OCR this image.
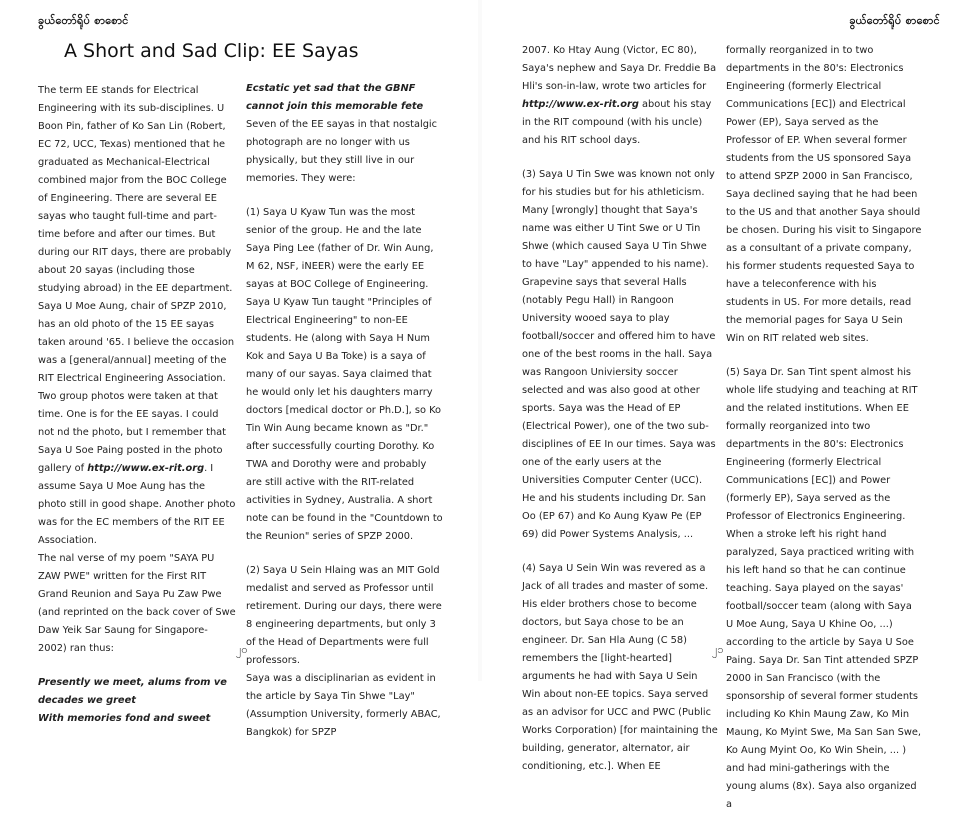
ခွယ်တော်ရိုပ် စာစောင်
A Short and Sad Clip: EE Sayas
The term EE stands for Electrical Engineering with its sub-disciplines. U Boon Pin, father of Ko San Lin (Robert, EC 72, UCC, Texas) mentioned that he graduated as Mechanical-Electrical combined major from the BOC College of Engineering. There are several EE sayas who taught full-time and part-time before and after our times. But during our RIT days, there are probably about 20 sayas (including those studying abroad) in the EE department.
Saya U Moe Aung, chair of SPZP 2010, has an old photo of the 15 EE sayas taken around '65. I believe the occasion was a [general/annual] meeting of the RIT Electrical Engineering Association. Two group photos were taken at that time. One is for the EE sayas. I could not nd the photo, but I remember that Saya U Soe Paing posted in the photo gallery of http://www.ex-rit.org. I assume Saya U Moe Aung has the photo still in good shape. Another photo was for the EC members of the RIT EE Association.
The nal verse of my poem "SAYA PU ZAW PWE" written for the First RIT Grand Reunion and Saya Pu Zaw Pwe (and reprinted on the back cover of Swe Daw Yeik Sar Saung for Singapore-2002) ran thus:

Presently we meet, alums from ve
decades we greet
With memories fond and sweet
Ecstatic yet sad that the GBNF cannot join this memorable fete
Seven of the EE sayas in that nostalgic photograph are no longer with us physically, but they still live in our memories. They were:

(1) Saya U Kyaw Tun was the most senior of the group. He and the late Saya Ping Lee (father of Dr. Win Aung, M 62, NSF, iNEER) were the early EE sayas at BOC College of Engineering. Saya U Kyaw Tun taught "Principles of Electrical Engineering" to non-EE students. He (along with Saya H Num Kok and Saya U Ba Toke) is a saya of many of our sayas. Saya claimed that he would only let his daughters marry doctors [medical doctor or Ph.D.], so Ko Tin Win Aung became known as "Dr." after successfully courting Dorothy. Ko TWA and Dorothy were and probably are still active with the RIT-related activities in Sydney, Australia. A short note can be found in the "Countdown to the Reunion" series of SPZP 2000.

(2) Saya U Sein Hlaing was an MIT Gold medalist and served as Professor until retirement. During our days, there were 8 engineering departments, but only 3 of the Head of Departments were full professors.
Saya was a disciplinarian as evident in the article by Saya Tin Shwe "Lay" (Assumption University, formerly ABAC, Bangkok) for SPZP
၂၀
ခွယ်တော်ရိုပ် စာစောင်
2007. Ko Htay Aung (Victor, EC 80), Saya's nephew and Saya Dr. Freddie Ba Hli's son-in-law, wrote two articles for http://www.ex-rit.org about his stay in the RIT compound (with his uncle) and his RIT school days.

(3) Saya U Tin Swe was known not only for his studies but for his athleticism. Many [wrongly] thought that Saya's name was either U Tint Swe or U Tin Shwe (which caused Saya U Tin Shwe to have "Lay" appended to his name). Grapevine says that several Halls (notably Pegu Hall) in Rangoon University wooed saya to play football/soccer and offered him to have one of the best rooms in the hall. Saya was Rangoon Univiersity soccer selected and was also good at other sports. Saya was the Head of EP (Electrical Power), one of the two sub-disciplines of EE In our times. Saya was one of the early users at the Universities Computer Center (UCC). He and his students including Dr. San Oo (EP 67) and Ko Aung Kyaw Pe (EP 69) did Power Systems Analysis, ...

(4) Saya U Sein Win was revered as a Jack of all trades and master of some. His elder brothers chose to become doctors, but Saya chose to be an engineer. Dr. San Hla Aung (C 58) remembers the [light-hearted] arguments he had with Saya U Sein Win about non-EE topics. Saya served as an advisor for UCC and PWC (Public Works Corporation) [for maintaining the building, generator, alternator, air conditioning, etc.]. When EE
formally reorganized in to two departments in the 80's: Electronics Engineering (formerly Electrical Communications [EC]) and Electrical Power (EP), Saya served as the Professor of EP. When several former students from the US sponsored Saya to attend SPZP 2000 in San Francisco, Saya declined saying that he had been to the US and that another Saya should be chosen. During his visit to Singapore as a consultant of a private company, his former students requested Saya to have a teleconference with his students in US. For more details, read the memorial pages for Saya U Sein Win on RIT related web sites.

(5) Saya Dr. San Tint spent almost his whole life studying and teaching at RIT and the related institutions. When EE formally reorganized into two departments in the 80's: Electronics Engineering (formerly Electrical Communications [EC]) and Power (formerly EP), Saya served as the Professor of Electronics Engineering. When a stroke left his right hand paralyzed, Saya practiced writing with his left hand so that he can continue teaching. Saya played on the sayas' football/soccer team (along with Saya U Moe Aung, Saya U Khine Oo, ...) according to the article by Saya U Soe Paing. Saya Dr. San Tint attended SPZP 2000 in San Francisco (with the sponsorship of several former students including Ko Khin Maung Zaw, Ko Min Maung, Ko Myint Swe, Ma San San Swe, Ko Aung Myint Oo, Ko Win Shein, ... ) and had mini-gatherings with the young alums (8x). Saya also organized a
၂၁
